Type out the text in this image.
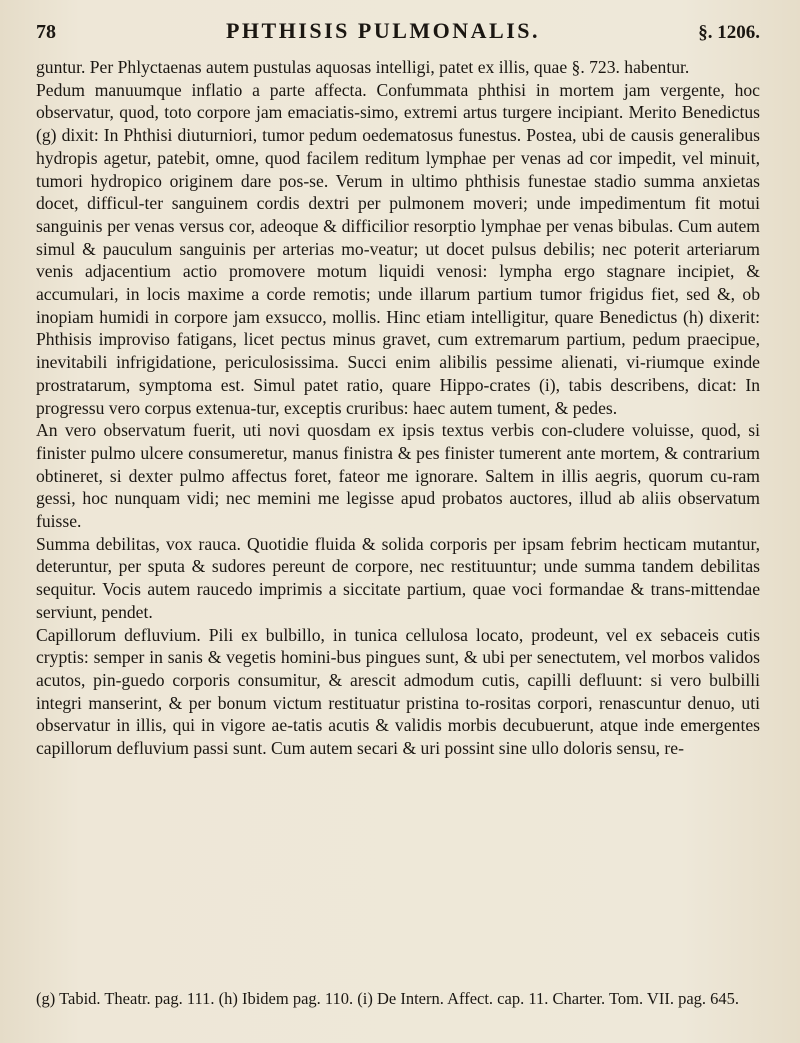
78	PHTHISIS PULMONALIS.	§. 1206.

guntur. Per Phlyctaenas autem pustulas aquosas intelligi, patet ex illis, quae §. 723. habentur.

Pedum manuumque inflatio a parte affecta. Confummata phthisi in mortem jam vergente, hoc observatur, quod, toto corpore jam emaciatis-simo, extremi artus turgere incipiant. Merito Benedictus (g) dixit: In Phthisi diuturniori, tumor pedum oedematosus funestus. Postea, ubi de causis generalibus hydropis agetur, patebit, omne, quod facilem reditum lymphae per venas ad cor impedit, vel minuit, tumori hydropico originem dare pos-se. Verum in ultimo phthisis funestae stadio summa anxietas docet, difficul-ter sanguinem cordis dextri per pulmonem moveri; unde impedimentum fit motui sanguinis per venas versus cor, adeoque & difficilior resorptio lymphae per venas bibulas. Cum autem simul & pauculum sanguinis per arterias mo-veatur; ut docet pulsus debilis; nec poterit arteriarum venis adjacentium actio promovere motum liquidi venosi: lympha ergo stagnare incipiet, & accumulari, in locis maxime a corde remotis; unde illarum partium tumor frigidus fiet, sed &, ob inopiam humidi in corpore jam exsucco, mollis. Hinc etiam intelligitur, quare Benedictus (h) dixerit: Phthisis improviso fatigans, licet pectus minus gravet, cum extremarum partium, pedum praecipue, inevitabili infrigidatione, periculosissima. Succi enim alibilis pessime alienati, vi-riumque exinde prostratarum, symptoma est. Simul patet ratio, quare Hippo-crates (i), tabis describens, dicat: In progressu vero corpus extenua-tur, exceptis cruribus: haec autem tument, & pedes.

An vero observatum fuerit, uti novi quosdam ex ipsis textus verbis con-cludere voluisse, quod, si finister pulmo ulcere consumeretur, manus finistra & pes finister tumerent ante mortem, & contrarium obtineret, si dexter pulmo affectus foret, fateor me ignorare. Saltem in illis aegris, quorum cu-ram gessi, hoc nunquam vidi; nec memini me legisse apud probatos auctores, illud ab aliis observatum fuisse.

Summa debilitas, vox rauca. Quotidie fluida & solida corporis per ipsam febrim hecticam mutantur, deteruntur, per sputa & sudores pereunt de corpore, nec restituuntur; unde summa tandem debilitas sequitur. Vocis autem raucedo imprimis a siccitate partium, quae voci formandae & trans-mittendae serviunt, pendet.

Capillorum defluvium. Pili ex bulbillo, in tunica cellulosa locato, prodeunt, vel ex sebaceis cutis cryptis: semper in sanis & vegetis homini-bus pingues sunt, & ubi per senectutem, vel morbos validos acutos, pin-guedo corporis consumitur, & arescit admodum cutis, capilli defluunt: si vero bulbilli integri manserint, & per bonum victum restituatur pristina to-rositas corpori, renascuntur denuo, uti observatur in illis, qui in vigore ae-tatis acutis & validis morbis decubuerunt, atque inde emergentes capillorum defluvium passi sunt. Cum autem secari & uri possint sine ullo doloris sensu, re-

(g) Tabid. Theatr. pag. 111. (h) Ibidem pag. 110. (i) De Intern. Affect. cap. 11. Charter. Tom. VII. pag. 645.
